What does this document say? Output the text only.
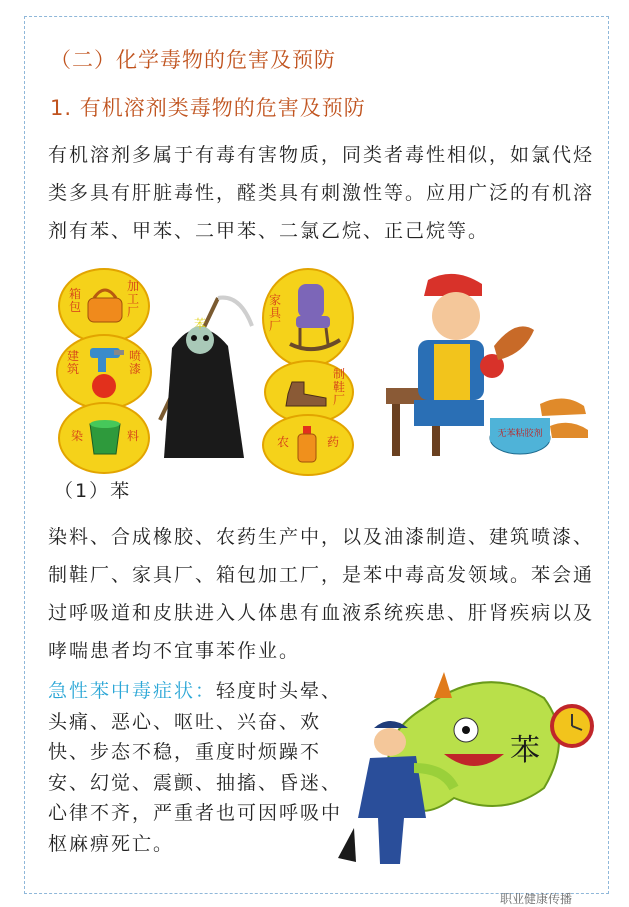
（二）化学毒物的危害及预防
1. 有机溶剂类毒物的危害及预防
有机溶剂多属于有毒有害物质，同类者毒性相似，如氯代烃类多具有肝脏毒性，醛类具有刺激性等。应用广泛的有机溶剂有苯、甲苯、二甲苯、二氯乙烷、正己烷等。
箱包
加工厂
建筑
喷漆
染	料
家具厂
制鞋厂
农	药
苯
无苯粘胶剂
（1）苯
染料、合成橡胶、农药生产中，以及油漆制造、建筑喷漆、制鞋厂、家具厂、箱包加工厂，是苯中毒高发领域。苯会通过呼吸道和皮肤进入人体患有血液系统疾患、肝肾疾病以及哮喘患者均不宜事苯作业。
急性苯中毒症状：轻度时头晕、头痛、恶心、呕吐、兴奋、欢快、步态不稳，重度时烦躁不安、幻觉、震颤、抽搐、昏迷、心律不齐，严重者也可因呼吸中枢麻痹死亡。
苯
职业健康传播
